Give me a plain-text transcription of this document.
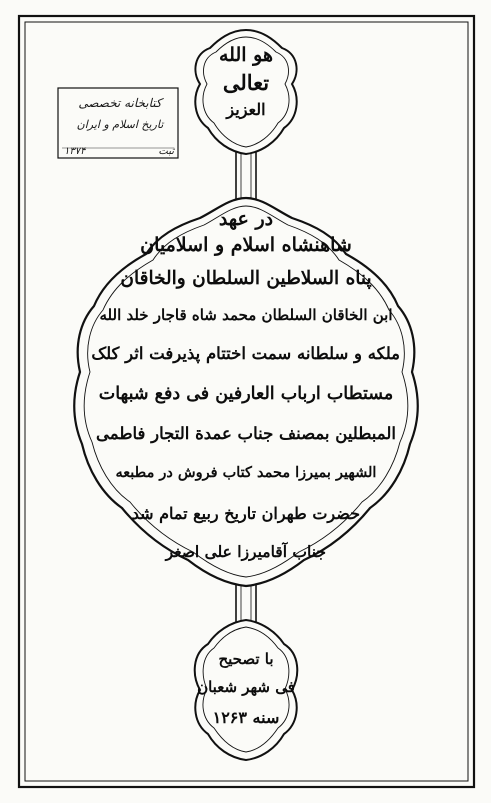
هو الله
تعالی
العزیز
کتابخانه تخصصی
تاریخ اسلام و ایران
۱۳۷۴	ثبت
در عهد
شاهنشاه اسلام و اسلامیان
پناه السلاطین السلطان والخاقان
ابن الخاقان السلطان محمد شاه قاجار خلد الله
ملکه و سلطانه سمت اختتام پذیرفت اثر کلک
مستطاب ارباب العارفین فی دفع شبهات
المبطلین بمصنف جناب عمدة التجار فاطمی
الشهیر بمیرزا محمد کتاب فروش در مطبعه
حضرت طهران تاریخ ربیع تمام شد
جناب آقامیرزا علی اصغر
با تصحیح
فی شهر شعبان
سنه ۱۲۶۳
